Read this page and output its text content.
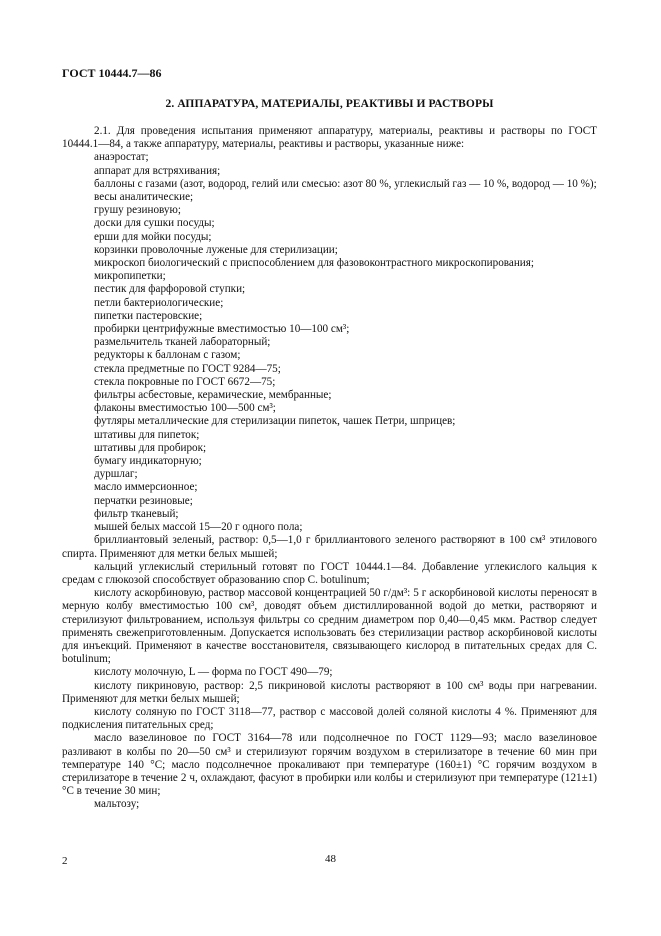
ГОСТ 10444.7—86
2. АППАРАТУРА, МАТЕРИАЛЫ, РЕАКТИВЫ И РАСТВОРЫ

2.1. Для проведения испытания применяют аппаратуру, материалы, реактивы и растворы по ГОСТ 10444.1—84, а также аппаратуру, материалы, реактивы и растворы, указанные ниже:

анаэростат;

аппарат для встряхивания;

баллоны с газами (азот, водород, гелий или смесью: азот 80 %, углекислый газ — 10 %, водород — 10 %);

весы аналитические;

грушу резиновую;

доски для сушки посуды;

ерши для мойки посуды;

корзинки проволочные луженые для стерилизации;

микроскоп биологический с приспособлением для фазовоконтрастного микроскопирования;

микропипетки;

пестик для фарфоровой ступки;

петли бактериологические;

пипетки пастеровские;

пробирки центрифужные вместимостью 10—100 см³;

размельчитель тканей лабораторный;

редукторы к баллонам с газом;

стекла предметные по ГОСТ 9284—75;

стекла покровные по ГОСТ 6672—75;

фильтры асбестовые, керамические, мембранные;

флаконы вместимостью 100—500 см³;

футляры металлические для стерилизации пипеток, чашек Петри, шприцев;

штативы для пипеток;

штативы для пробирок;

бумагу индикаторную;

дуршлаг;

масло иммерсионное;

перчатки резиновые;

фильтр тканевый;

мышей белых массой 15—20 г одного пола;

бриллиантовый зеленый, раствор: 0,5—1,0 г бриллиантового зеленого растворяют в 100 см³ этилового спирта. Применяют для метки белых мышей;

кальций углекислый стерильный готовят по ГОСТ 10444.1—84. Добавление углекислого кальция к средам с глюкозой способствует образованию спор C. botulinum;

кислоту аскорбиновую, раствор массовой концентрацией 50 г/дм³: 5 г аскорбиновой кислоты переносят в мерную колбу вместимостью 100 см³, доводят объем дистиллированной водой до метки, растворяют и стерилизуют фильтрованием, используя фильтры со средним диаметром пор 0,40—0,45 мкм. Раствор следует применять свежеприготовленным. Допускается использовать без стерилизации раствор аскорбиновой кислоты для инъекций. Применяют в качестве восстановителя, связывающего кислород в питательных средах для C. botulinum;

кислоту молочную, L — форма по ГОСТ 490—79;

кислоту пикриновую, раствор: 2,5 пикриновой кислоты растворяют в 100 см³ воды при нагревании. Применяют для метки белых мышей;

кислоту соляную по ГОСТ 3118—77, раствор с массовой долей соляной кислоты 4 %. Применяют для подкисления питательных сред;

масло вазелиновое по ГОСТ 3164—78 или подсолнечное по ГОСТ 1129—93; масло вазелиновое разливают в колбы по 20—50 см³ и стерилизуют горячим воздухом в стерилизаторе в течение 60 мин при температуре 140 °С; масло подсолнечное прокаливают при температуре (160±1) °С горячим воздухом в стерилизаторе в течение 2 ч, охлаждают, фасуют в пробирки или колбы и стерилизуют при температуре (121±1) °С в течение 30 мин;

мальтозу;

2	48
